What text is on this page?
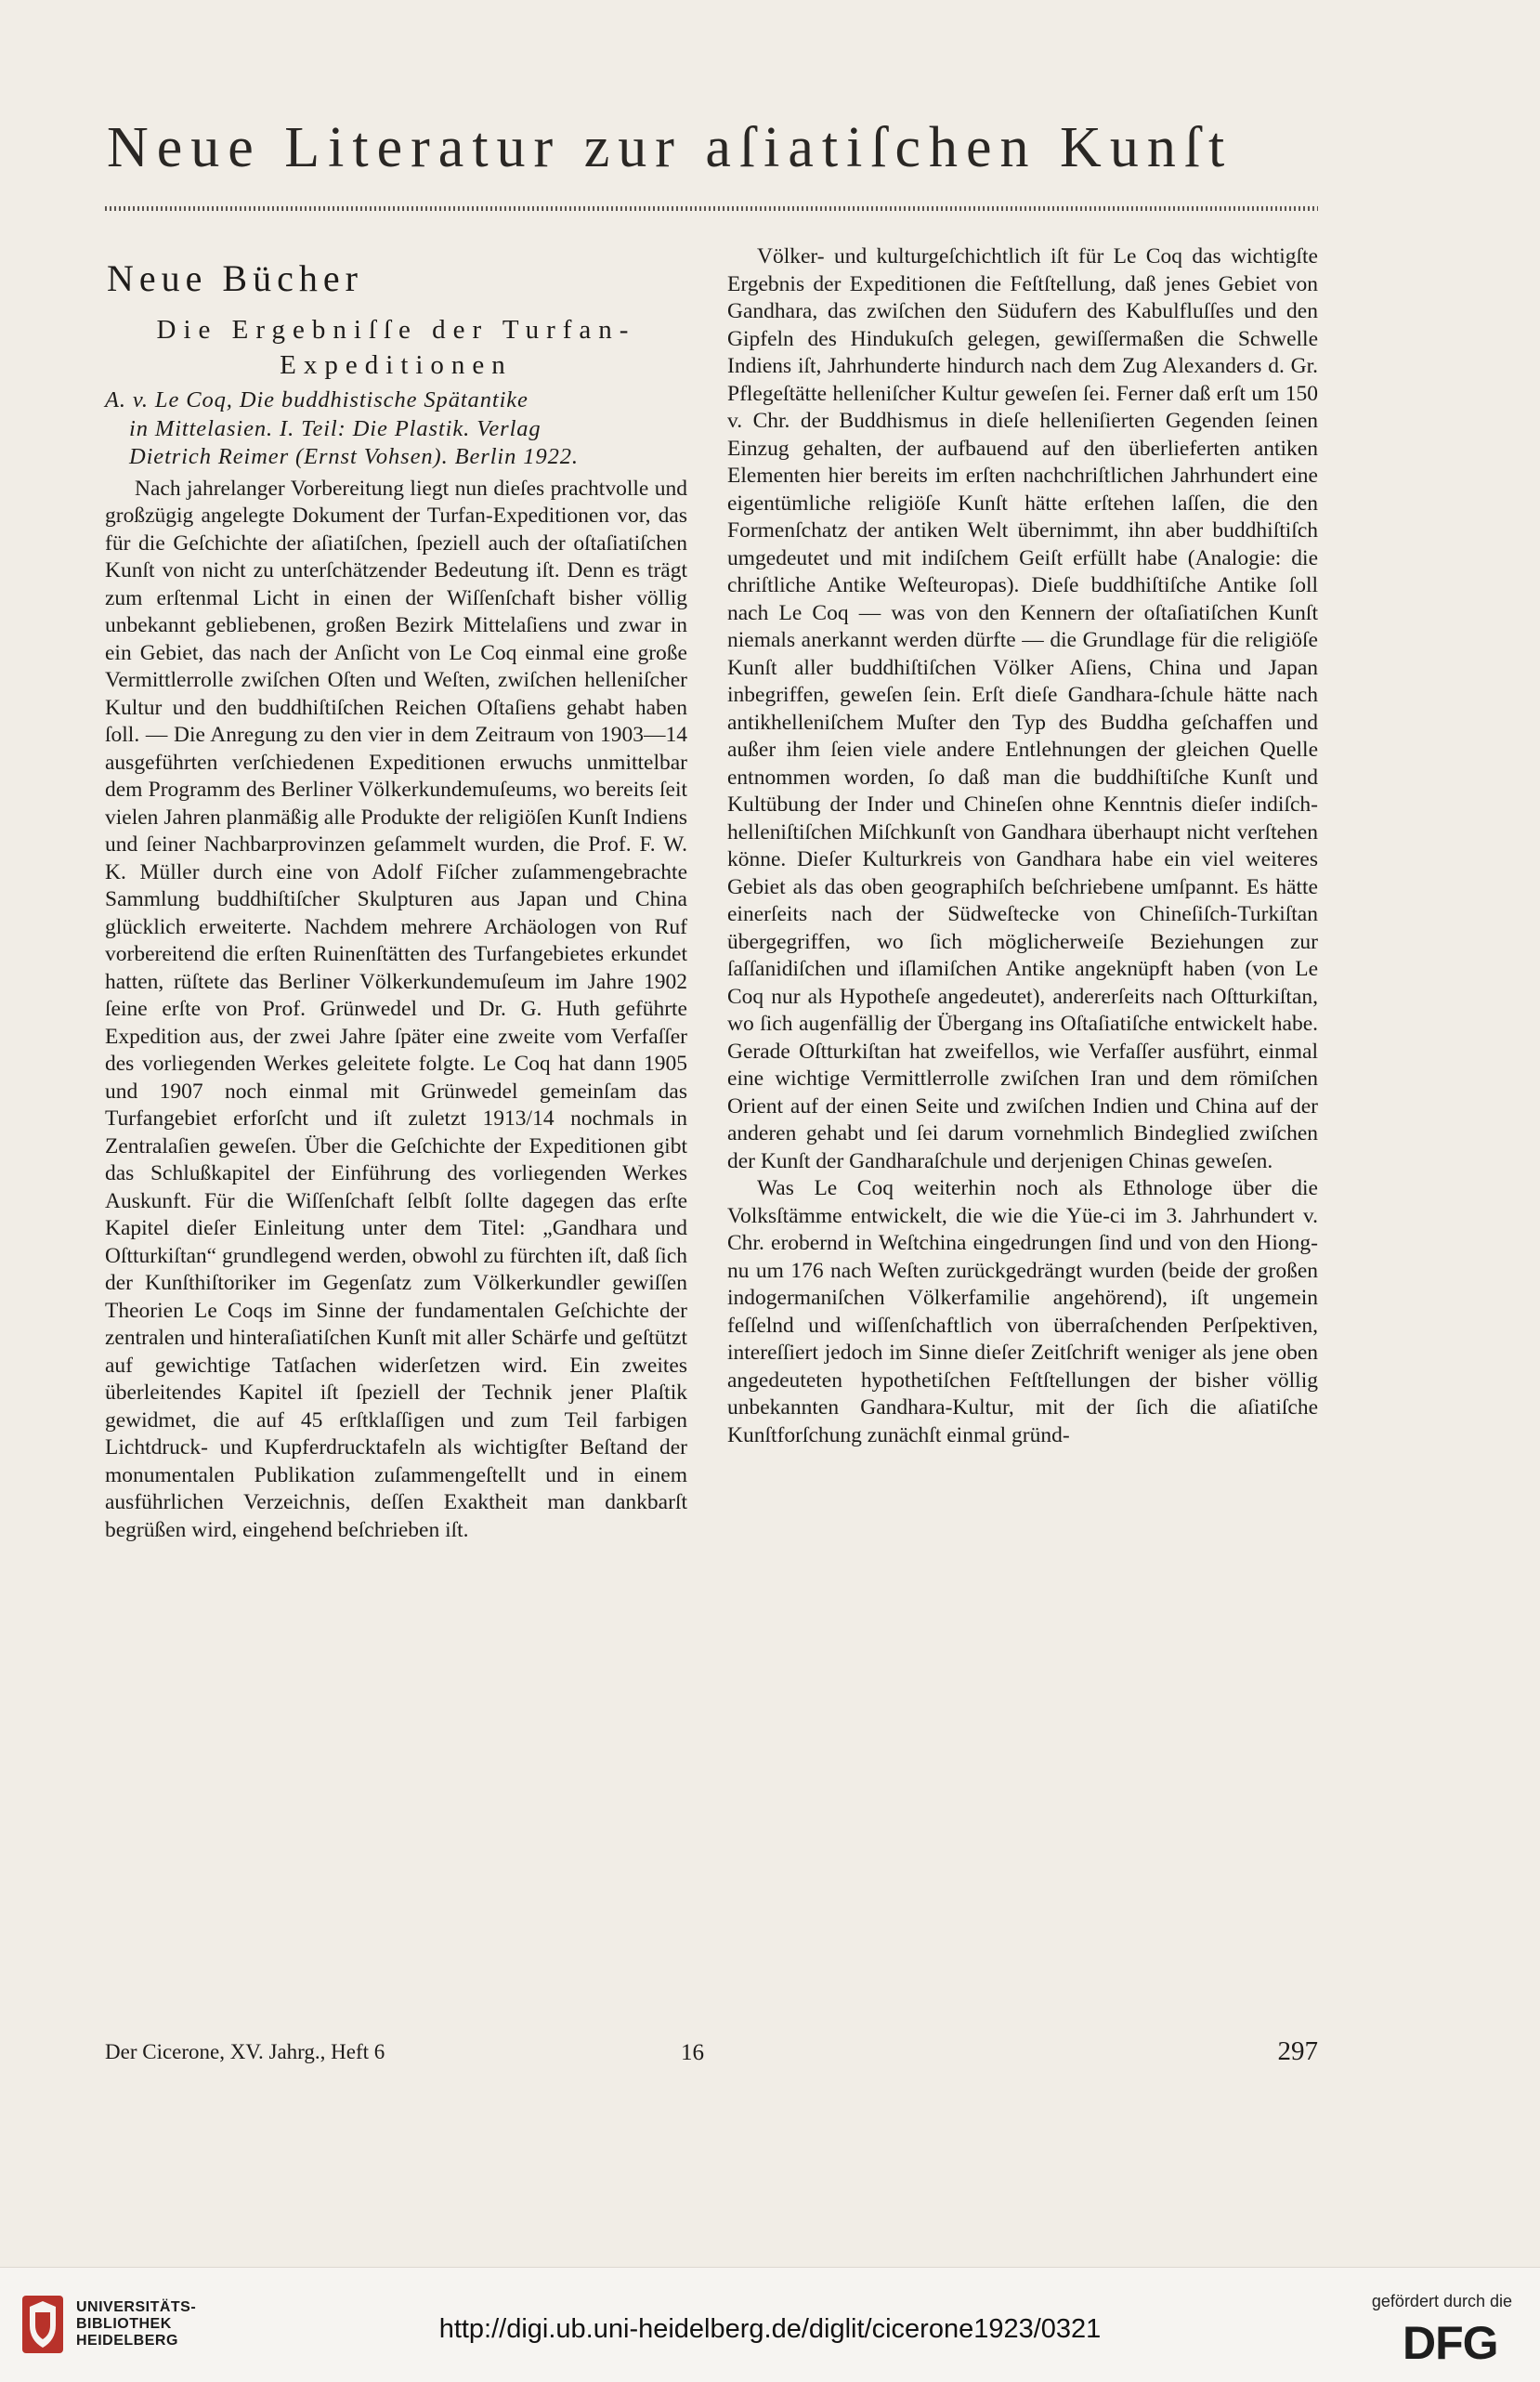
Neue Literatur zur aſiatiſchen Kunſt
Neue Bücher
Die Ergebniſſe der Turfan-
Expeditionen
A. v. Le Coq, Die buddhistische Spätantike
in Mittelasien. I. Teil: Die Plastik. Verlag
Dietrich Reimer (Ernst Vohsen). Berlin 1922.

Nach jahrelanger Vorbereitung liegt nun dieſes prachtvolle und großzügig angelegte Dokument der Turfan-Expeditionen vor, das für die Geſchichte der aſiatiſchen, ſpeziell auch der oſtaſiatiſchen Kunſt von nicht zu unterſchätzender Bedeutung iſt. Denn es trägt zum erſtenmal Licht in einen der Wiſſenſchaft bisher völlig unbekannt gebliebenen, großen Bezirk Mittelaſiens und zwar in ein Gebiet, das nach der Anſicht von Le Coq einmal eine große Vermittlerrolle zwiſchen Oſten und Weſten, zwiſchen helleniſcher Kultur und den buddhiſtiſchen Reichen Oſtaſiens gehabt haben ſoll. — Die Anregung zu den vier in dem Zeitraum von 1903—14 ausgeführten verſchiedenen Expeditionen erwuchs unmittelbar dem Programm des Berliner Völkerkundemuſeums, wo bereits ſeit vielen Jahren planmäßig alle Produkte der religiöſen Kunſt Indiens und ſeiner Nachbarprovinzen geſammelt wurden, die Prof. F. W. K. Müller durch eine von Adolf Fiſcher zuſammengebrachte Sammlung buddhiſtiſcher Skulpturen aus Japan und China glücklich erweiterte. Nachdem mehrere Archäologen von Ruf vorbereitend die erſten Ruinenſtätten des Turfangebietes erkundet hatten, rüſtete das Berliner Völkerkundemuſeum im Jahre 1902 ſeine erſte von Prof. Grünwedel und Dr. G. Huth geführte Expedition aus, der zwei Jahre ſpäter eine zweite vom Verfaſſer des vorliegenden Werkes geleitete folgte. Le Coq hat dann 1905 und 1907 noch einmal mit Grünwedel gemeinſam das Turfangebiet erforſcht und iſt zuletzt 1913/14 nochmals in Zentralaſien geweſen. Über die Geſchichte der Expeditionen gibt das Schlußkapitel der Einführung des vorliegenden Werkes Auskunft. Für die Wiſſenſchaft ſelbſt ſollte dagegen das erſte Kapitel dieſer Einleitung unter dem Titel: „Gandhara und Oſtturkiſtan“ grundlegend werden, obwohl zu fürchten iſt, daß ſich der Kunſthiſtoriker im Gegenſatz zum Völkerkundler gewiſſen Theorien Le Coqs im Sinne der fundamentalen Geſchichte der zentralen und hinteraſiatiſchen Kunſt mit aller Schärfe und geſtützt auf gewichtige Tatſachen widerſetzen wird. Ein zweites überleitendes Kapitel iſt ſpeziell der Technik jener Plaſtik gewidmet, die auf 45 erſtklaſſigen und zum Teil farbigen Lichtdruck- und Kupferdrucktafeln als wichtigſter Beſtand der monumentalen Publikation zuſammengeſtellt und in einem ausführlichen Verzeichnis, deſſen Exaktheit man dankbarſt begrüßen wird, eingehend beſchrieben iſt.

Völker- und kulturgeſchichtlich iſt für Le Coq das wichtigſte Ergebnis der Expeditionen die Feſtſtellung, daß jenes Gebiet von Gandhara, das zwiſchen den Südufern des Kabulfluſſes und den Gipfeln des Hindukuſch gelegen, gewiſſermaßen die Schwelle Indiens iſt, Jahrhunderte hindurch nach dem Zug Alexanders d. Gr. Pflegeſtätte helleniſcher Kultur geweſen ſei. Ferner daß erſt um 150 v. Chr. der Buddhismus in dieſe helleniſierten Gegenden ſeinen Einzug gehalten, der aufbauend auf den überlieferten antiken Elementen hier bereits im erſten nachchriſtlichen Jahrhundert eine eigentümliche religiöſe Kunſt hätte erſtehen laſſen, die den Formenſchatz der antiken Welt übernimmt, ihn aber buddhiſtiſch umgedeutet und mit indiſchem Geiſt erfüllt habe (Analogie: die chriſtliche Antike Weſteuropas). Dieſe buddhiſtiſche Antike ſoll nach Le Coq — was von den Kennern der oſtaſiatiſchen Kunſt niemals anerkannt werden dürfte — die Grundlage für die religiöſe Kunſt aller buddhiſtiſchen Völker Aſiens, China und Japan inbegriffen, geweſen ſein. Erſt dieſe Gandhara-ſchule hätte nach antikhelleniſchem Muſter den Typ des Buddha geſchaffen und außer ihm ſeien viele andere Entlehnungen der gleichen Quelle entnommen worden, ſo daß man die buddhiſtiſche Kunſt und Kultübung der Inder und Chineſen ohne Kenntnis dieſer indiſch-helleniſtiſchen Miſchkunſt von Gandhara überhaupt nicht verſtehen könne. Dieſer Kulturkreis von Gandhara habe ein viel weiteres Gebiet als das oben geographiſch beſchriebene umſpannt. Es hätte einerſeits nach der Südweſtecke von Chineſiſch-Turkiſtan übergegriffen, wo ſich möglicherweiſe Beziehungen zur ſaſſanidiſchen und iſlamiſchen Antike angeknüpft haben (von Le Coq nur als Hypotheſe angedeutet), andererſeits nach Oſtturkiſtan, wo ſich augenfällig der Übergang ins Oſtaſiatiſche entwickelt habe. Gerade Oſtturkiſtan hat zweifellos, wie Verfaſſer ausführt, einmal eine wichtige Vermittlerrolle zwiſchen Iran und dem römiſchen Orient auf der einen Seite und zwiſchen Indien und China auf der anderen gehabt und ſei darum vornehmlich Bindeglied zwiſchen der Kunſt der Gandharaſchule und derjenigen Chinas geweſen.

Was Le Coq weiterhin noch als Ethnologe über die Volksſtämme entwickelt, die wie die Yüe-ci im 3. Jahrhundert v. Chr. erobernd in Weſtchina eingedrungen ſind und von den Hiong-nu um 176 nach Weſten zurückgedrängt wurden (beide der großen indogermaniſchen Völkerfamilie angehörend), iſt ungemein feſſelnd und wiſſenſchaftlich von überraſchenden Perſpektiven, intereſſiert jedoch im Sinne dieſer Zeitſchrift weniger als jene oben angedeuteten hypothetiſchen Feſtſtellungen der bisher völlig unbekannten Gandhara-Kultur, mit der ſich die aſiatiſche Kunſtforſchung zunächſt einmal gründ-

Der Cicerone, XV. Jahrg., Heft 6	16	297
UNIVERSITÄTS-
BIBLIOTHEK
HEIDELBERG	http://digi.ub.uni-heidelberg.de/diglit/cicerone1923/0321
gefördert durch die
DFG
